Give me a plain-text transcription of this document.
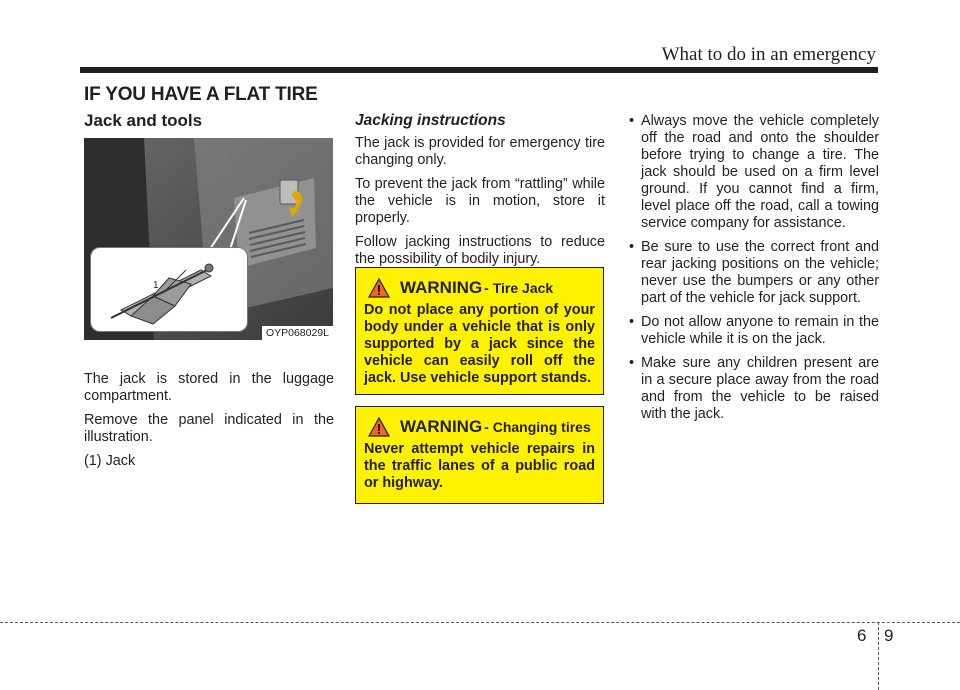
What to do in an emergency
IF YOU HAVE A FLAT TIRE
Jack and tools

The jack is stored in the luggage compartment.

Remove the panel indicated in the illustration.

(1) Jack

1
OYP068029L
Jacking instructions

The jack is provided for emergency tire changing only.

To prevent the jack from “rattling” while the vehicle is in motion, store it properly.

Follow jacking instructions to reduce the possibility of bodily injury.

WARNING - Tire Jack
Do not place any portion of your body under a vehicle that is only supported by a jack since the vehicle can easily roll off the jack. Use vehicle support stands.
WARNING - Changing tires
Never attempt vehicle repairs in the traffic lanes of a public road or highway.
• Always move the vehicle completely off the road and onto the shoulder before trying to change a tire. The jack should be used on a firm level ground. If you cannot find a firm, level place off the road, call a towing service company for assistance.
• Be sure to use the correct front and rear jacking positions on the vehicle; never use the bumpers or any other part of the vehicle for jack support.
• Do not allow anyone to remain in the vehicle while it is on the jack.
• Make sure any children present are in a secure place away from the road and from the vehicle to be raised with the jack.
6 9
